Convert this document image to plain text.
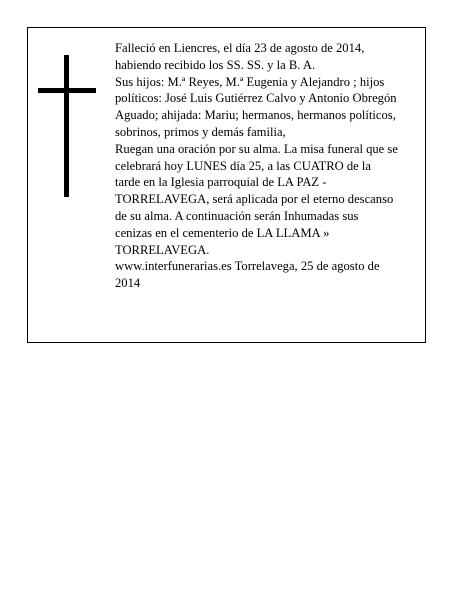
Falleció en Liencres, el día 23 de agosto de 2014,
habiendo recibido los SS. SS. y la B. A.
Sus hijos: M.ª Reyes, M.ª Eugenia y Alejandro ; hijos
políticos: José Luis Gutiérrez Calvo y Antonio Obregón
Aguado; ahijada: Mariu; hermanos, hermanos políticos,
sobrinos, primos y demás familia,
Ruegan una oración por su alma. La misa funeral que se
celebrará hoy LUNES día 25, a las CUATRO de la
tarde en la Iglesia parroquial de LA PAZ -
TORRELAVEGA, será aplicada por el eterno descanso
de su alma. A continuación serán Inhumadas sus
cenizas en el cementerio de LA LLAMA »
TORRELAVEGA.
www.interfunerarias.es Torrelavega, 25 de agosto de
2014
